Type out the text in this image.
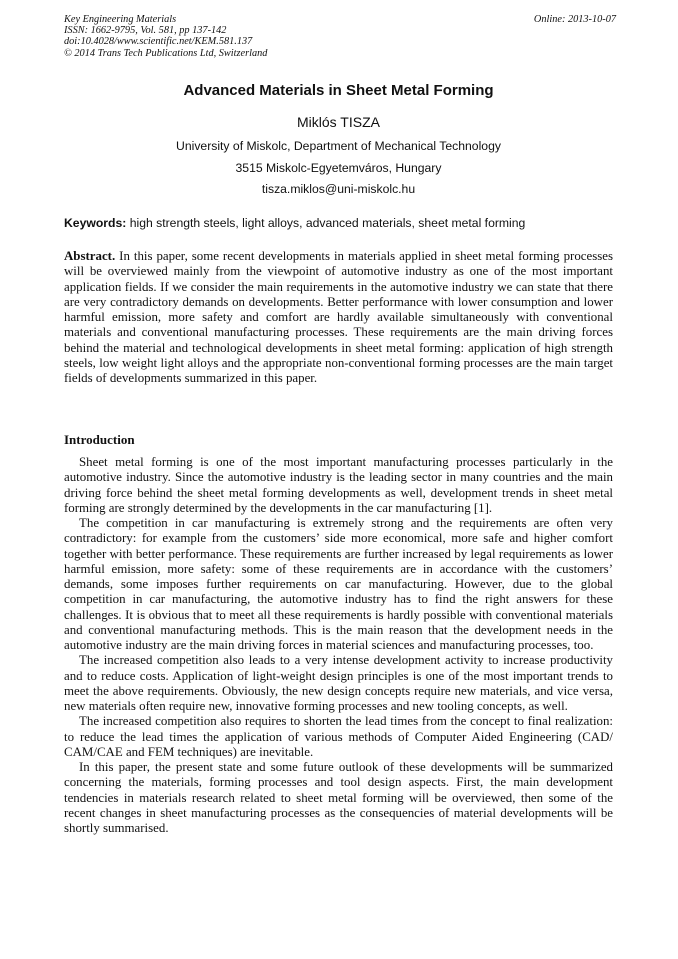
Key Engineering Materials
ISSN: 1662-9795, Vol. 581, pp 137-142
doi:10.4028/www.scientific.net/KEM.581.137
© 2014 Trans Tech Publications Ltd, Switzerland
Online: 2013-10-07
Advanced Materials in Sheet Metal Forming
Miklós TISZA
University of Miskolc, Department of Mechanical Technology
3515 Miskolc-Egyetemváros, Hungary
tisza.miklos@uni-miskolc.hu
Keywords: high strength steels, light alloys, advanced materials, sheet metal forming

Abstract. In this paper, some recent developments in materials applied in sheet metal forming processes will be overviewed mainly from the viewpoint of automotive industry as one of the most important application fields. If we consider the main requirements in the automotive industry we can state that there are very contradictory demands on developments. Better performance with lower consumption and lower harmful emission, more safety and comfort are hardly available simultaneously with conventional materials and conventional manufacturing processes. These requirements are the main driving forces behind the material and technological developments in sheet metal forming: application of high strength steels, low weight light alloys and the appropriate non-conventional forming processes are the main target fields of developments summarized in this paper.

Introduction

Sheet metal forming is one of the most important manufacturing processes particularly in the automotive industry. Since the automotive industry is the leading sector in many countries and the main driving force behind the sheet metal forming developments as well, development trends in sheet metal forming are strongly determined by the developments in the car manufacturing [1].

The competition in car manufacturing is extremely strong and the requirements are often very contradictory: for example from the customers’ side more economical, more safe and higher comfort together with better performance. These requirements are further increased by legal requirements as lower harmful emission, more safety: some of these requirements are in accordance with the customers’ demands, some imposes further requirements on car manufacturing. However, due to the global competition in car manufacturing, the automotive industry has to find the right answers for these challenges. It is obvious that to meet all these requirements is hardly possible with conventional materials and conventional manufacturing methods. This is the main reason that the development needs in the automotive industry are the main driving forces in material sciences and manufacturing processes, too.

The increased competition also leads to a very intense development activity to increase productivity and to reduce costs. Application of light-weight design principles is one of the most important trends to meet the above requirements. Obviously, the new design concepts require new materials, and vice versa, new materials often require new, innovative forming processes and new tooling concepts, as well.

The increased competition also requires to shorten the lead times from the concept to final realization: to reduce the lead times the application of various methods of Computer Aided Engineering (CAD/ CAM/CAE and FEM techniques) are inevitable.

In this paper, the present state and some future outlook of these developments will be summarized concerning the materials, forming processes and tool design aspects. First, the main development tendencies in materials research related to sheet metal forming will be overviewed, then some of the recent changes in sheet manufacturing processes as the consequencies of material developments will be shortly summarised.
